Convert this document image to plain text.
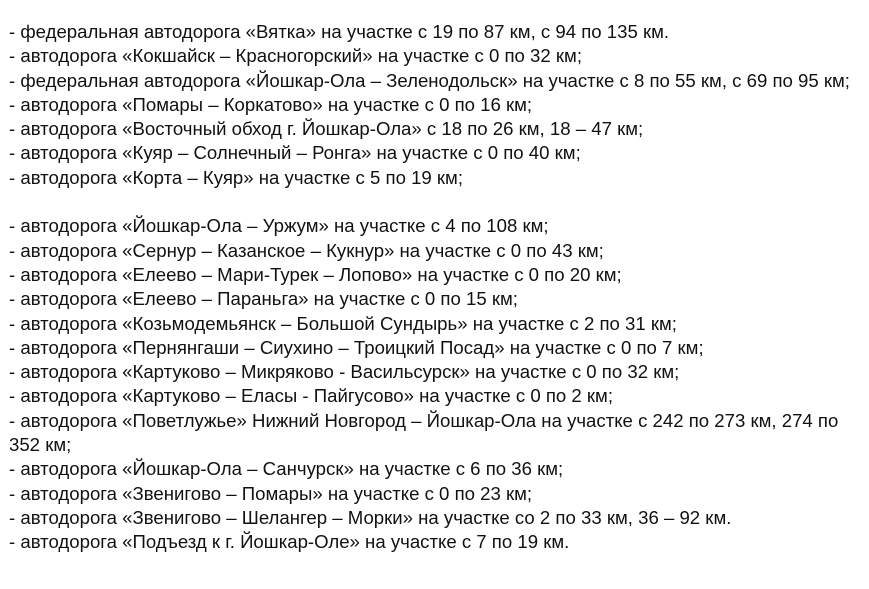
- федеральная автодорога «Вятка» на участке с 19 по 87 км, с 94 по 135 км.
- автодорога «Кокшайск – Красногорский» на участке с 0 по 32 км;
- федеральная автодорога «Йошкар-Ола – Зеленодольск» на участке с 8 по 55 км, с 69 по 95 км;
- автодорога «Помары – Коркатово» на участке с 0 по 16 км;
- автодорога «Восточный обход г. Йошкар-Ола» с 18 по 26 км, 18 – 47 км;
- автодорога «Куяр – Солнечный – Ронга» на участке с 0 по 40 км;
- автодорога «Корта – Куяр» на участке с 5 по 19 км;
- автодорога «Йошкар-Ола – Уржум» на участке с 4 по 108 км;
- автодорога «Сернур – Казанское – Кукнур» на участке с 0 по 43 км;
- автодорога «Елеево – Мари-Турек – Лопово» на участке с 0 по 20 км;
- автодорога «Елеево – Параньга» на участке с 0 по 15 км;
- автодорога «Козьмодемьянск – Большой Сундырь» на участке с 2 по 31 км;
- автодорога «Пернянгаши – Сиухино – Троицкий Посад» на участке с 0 по 7 км;
- автодорога «Картуково – Микряково - Васильсурск» на участке с 0 по 32 км;
- автодорога «Картуково – Еласы - Пайгусово» на участке с 0 по 2 км;
- автодорога «Поветлужье» Нижний Новгород – Йошкар-Ола на участке с 242 по 273 км, 274 по 352 км;
- автодорога «Йошкар-Ола – Санчурск» на участке с 6 по 36 км;
- автодорога «Звенигово – Помары» на участке с 0 по 23 км;
- автодорога «Звенигово – Шелангер – Морки» на участке со 2 по 33 км, 36 – 92 км.
- автодорога «Подъезд к г. Йошкар-Оле» на участке с 7 по 19 км.
